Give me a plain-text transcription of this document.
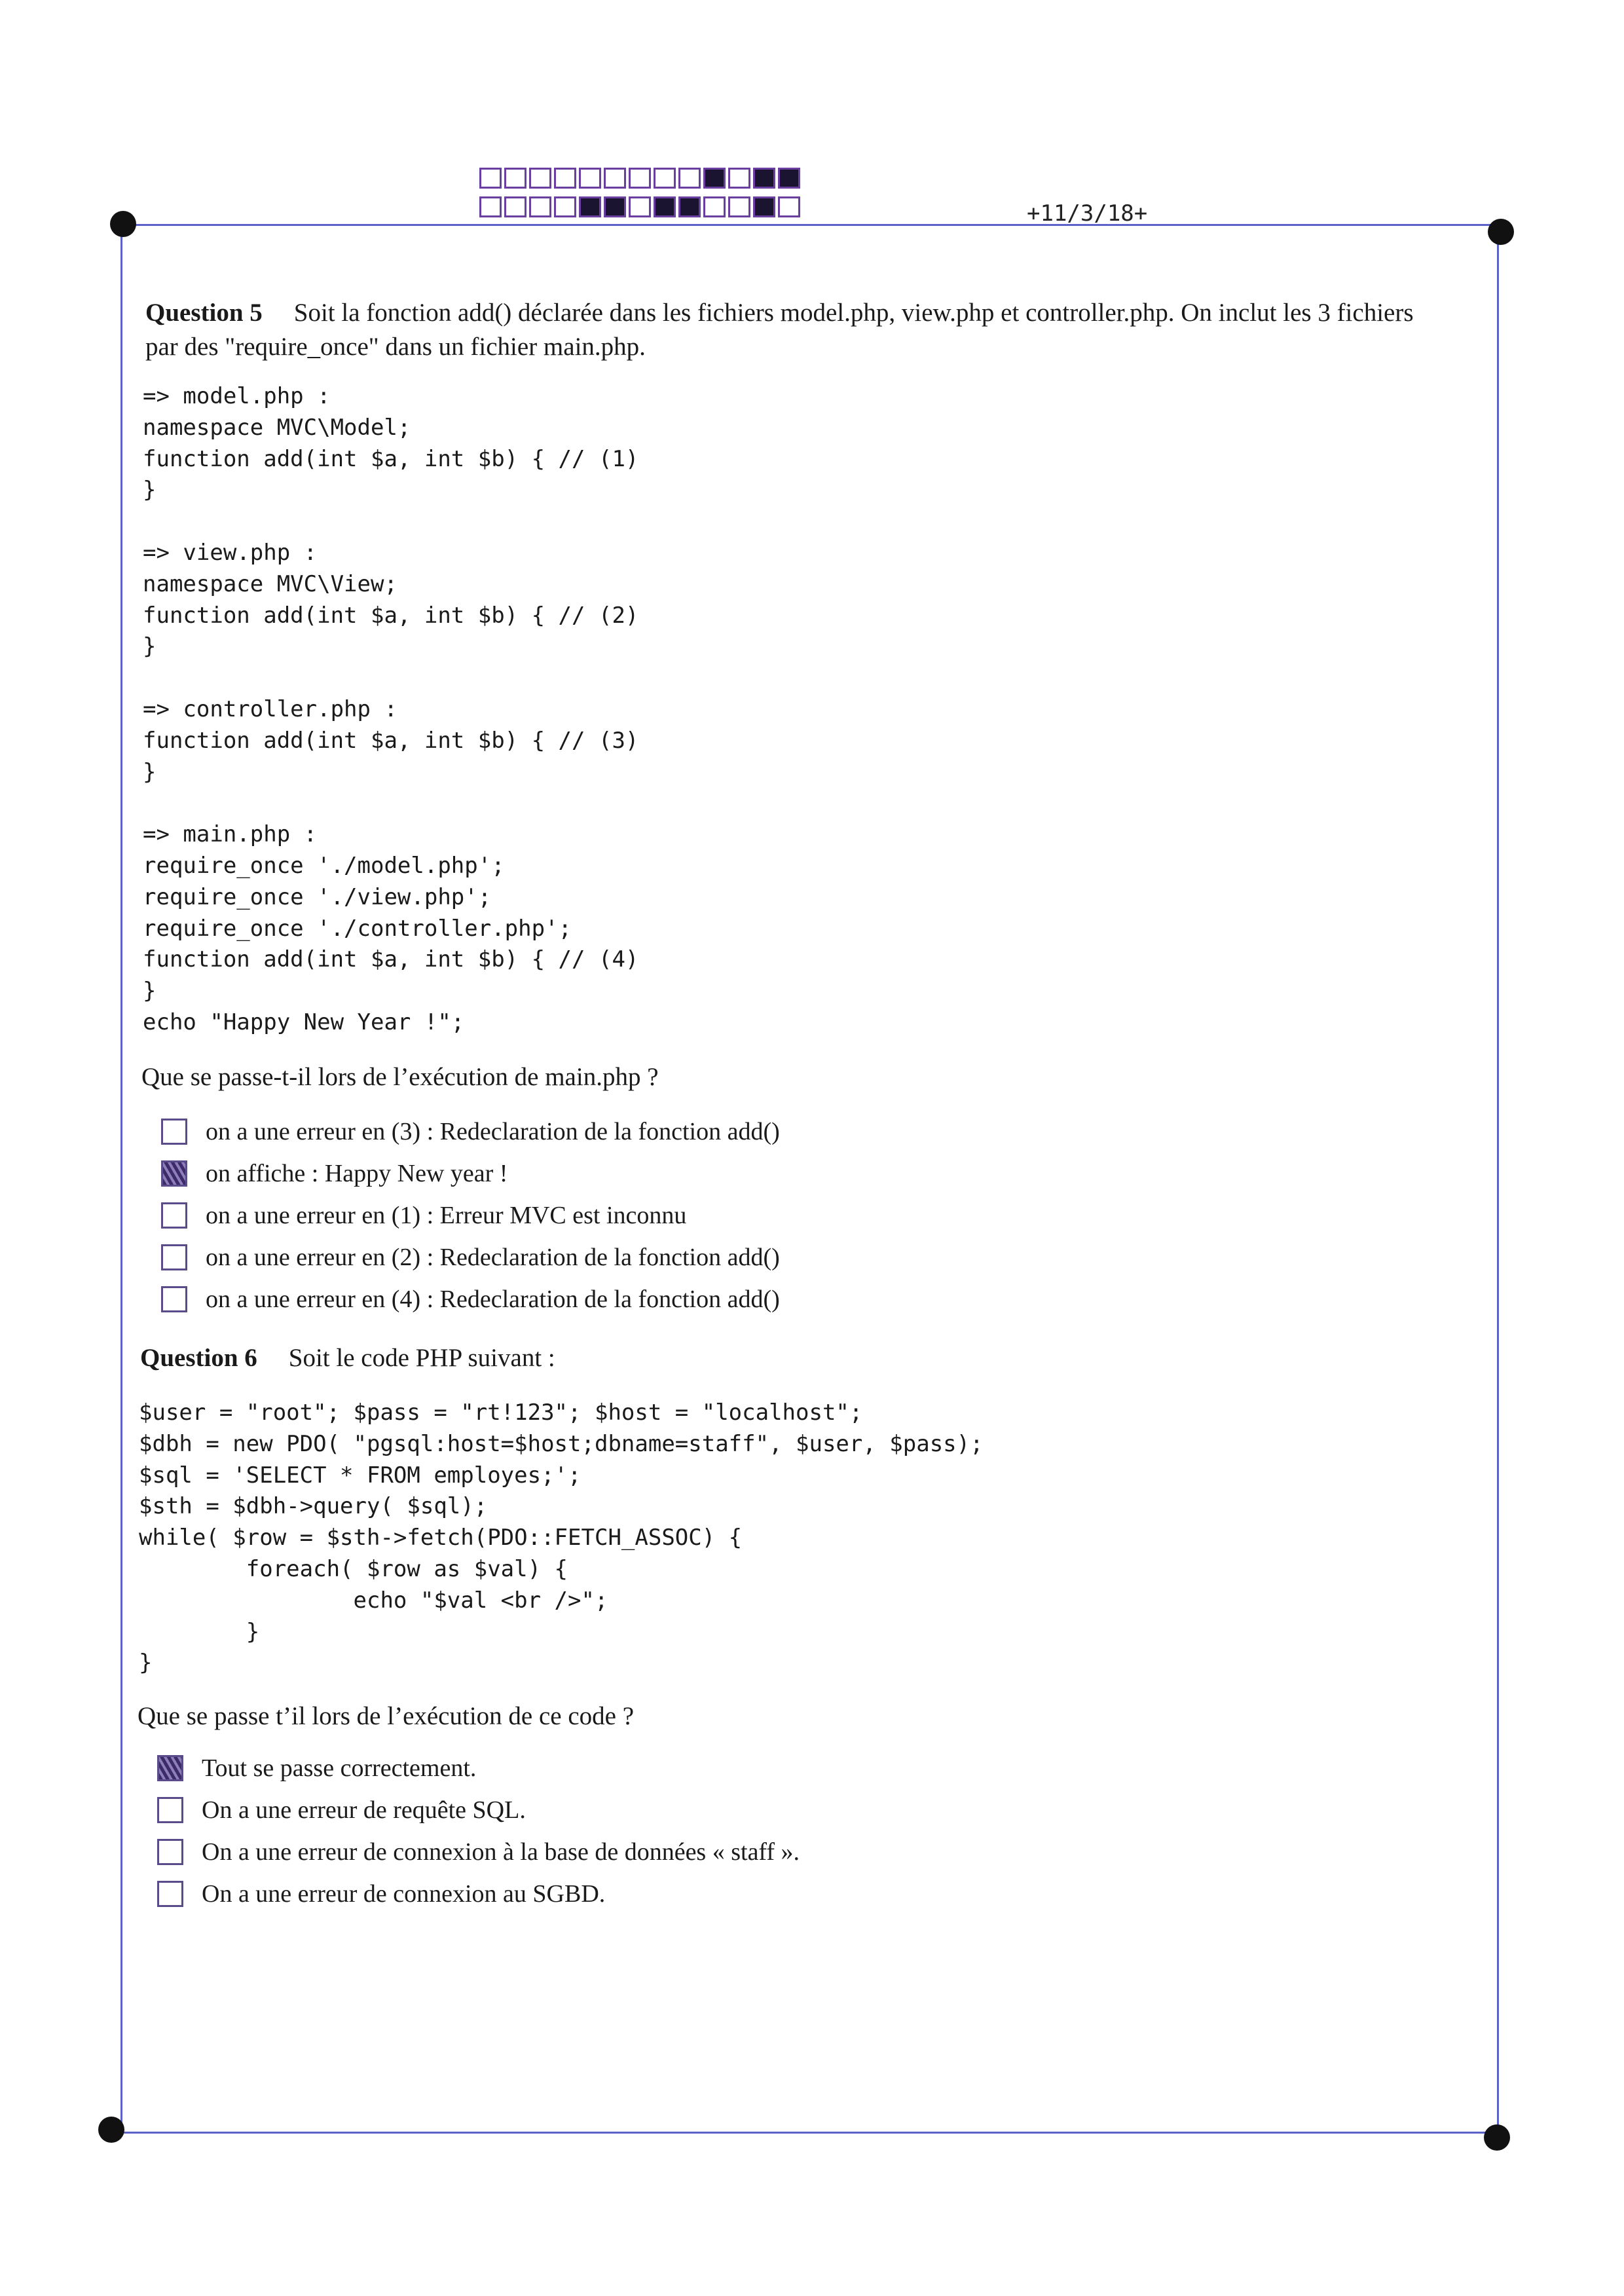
+11/3/18+
Question 5 Soit la fonction add() déclarée dans les fichiers model.php, view.php et controller.php. On inclut les 3 fichiers
par des "require_once" dans un fichier main.php.
=> model.php :
namespace MVC\Model;
function add(int $a, int $b) { // (1)
}

=> view.php :
namespace MVC\View;
function add(int $a, int $b) { // (2)
}

=> controller.php :
function add(int $a, int $b) { // (3)
}

=> main.php :
require_once './model.php';
require_once './view.php';
require_once './controller.php';
function add(int $a, int $b) { // (4)
}
echo "Happy New Year !";
Que se passe-t-il lors de l’exécution de main.php ?
on a une erreur en (3) : Redeclaration de la fonction add()
on affiche : Happy New year !
on a une erreur en (1) : Erreur MVC est inconnu
on a une erreur en (2) : Redeclaration de la fonction add()
on a une erreur en (4) : Redeclaration de la fonction add()
Question 6 Soit le code PHP suivant :
$user = "root"; $pass = "rt!123"; $host = "localhost";
$dbh = new PDO( "pgsql:host=$host;dbname=staff", $user, $pass);
$sql = 'SELECT * FROM employes;';
$sth = $dbh->query( $sql);
while( $row = $sth->fetch(PDO::FETCH_ASSOC) {
foreach( $row as $val) {
echo "$val <br />";
}
}
Que se passe t’il lors de l’exécution de ce code ?
Tout se passe correctement.
On a une erreur de requête SQL.
On a une erreur de connexion à la base de données « staff ».
On a une erreur de connexion au SGBD.
